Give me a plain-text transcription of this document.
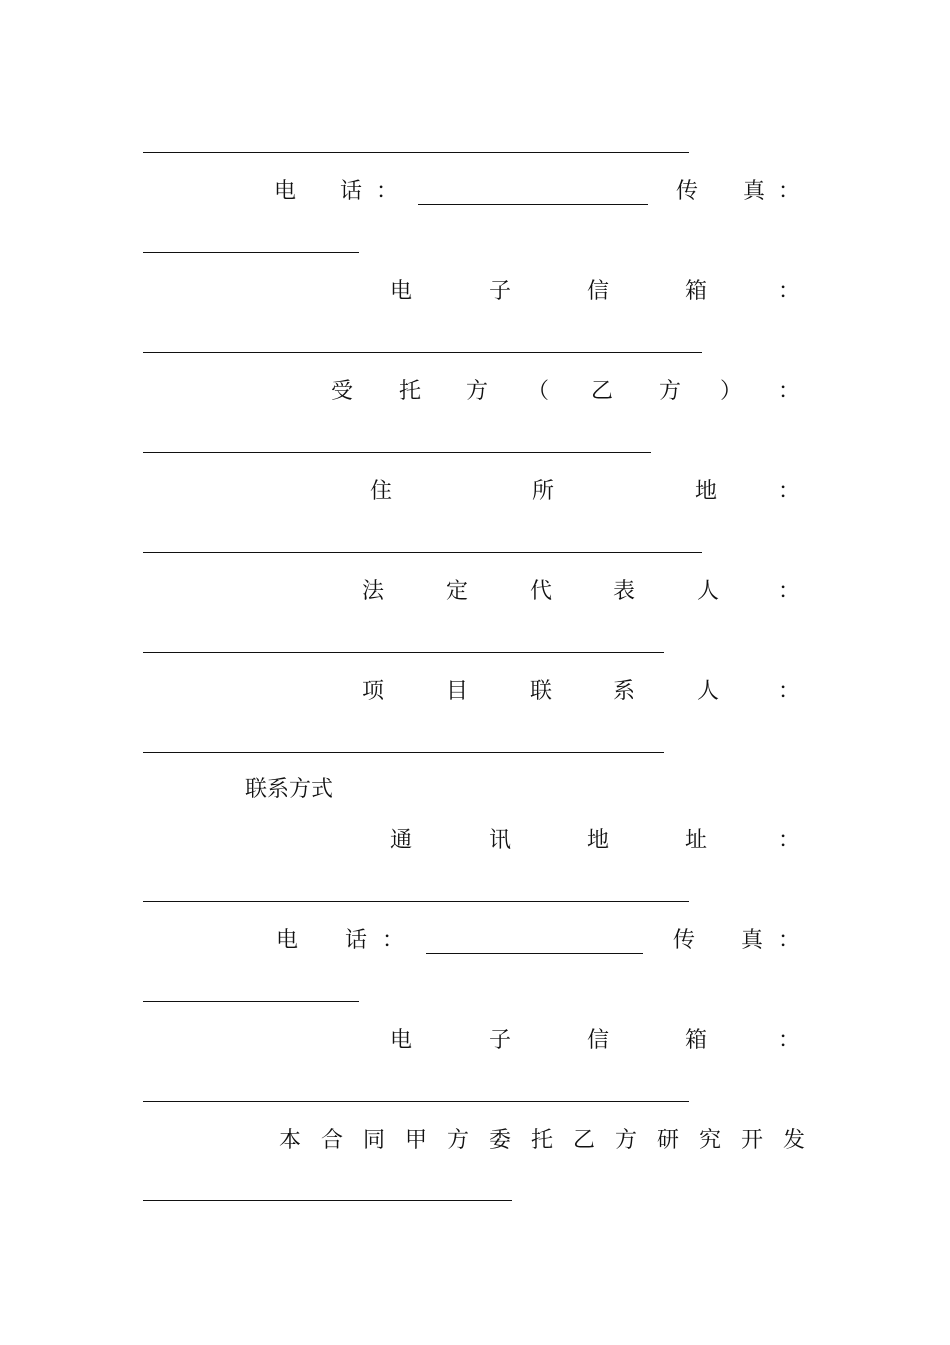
电 话 ：	传 真 ：
电	子	信	箱	：
受 托 方 （ 乙 方 ） ：
住	所	地	：
法	定	代	表	人	：
项	目	联	系	人	：
联系方式
通	讯	地	址	：
电 话 ：	传 真 ：
电	子	信	箱	：
本 合 同 甲 方 委 托 乙 方 研 究 开 发
